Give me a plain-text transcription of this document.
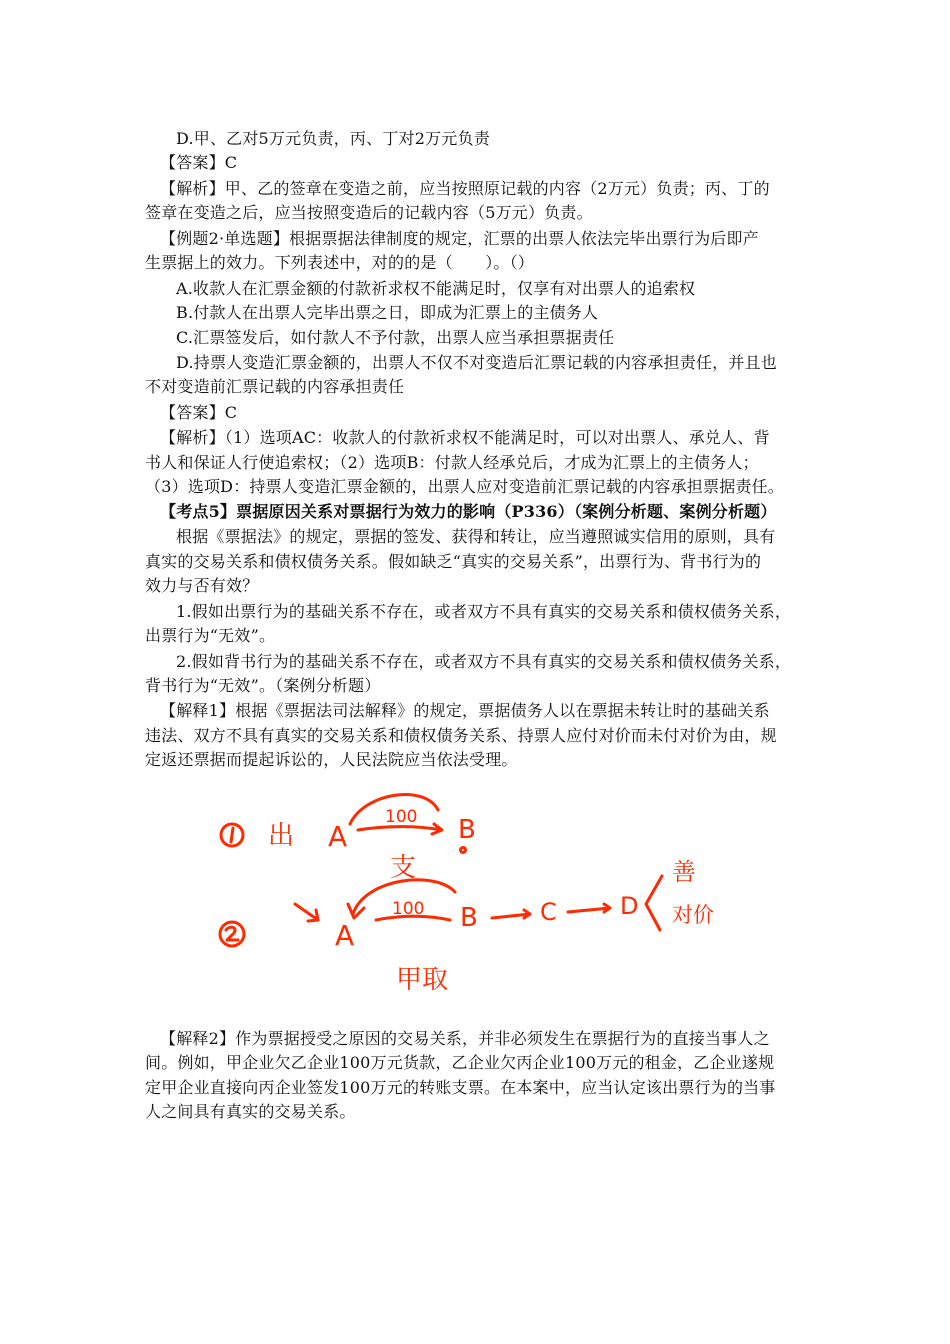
D.甲、乙对5万元负责，丙、丁对2万元负责
【答案】C
【解析】甲、乙的签章在变造之前，应当按照原记载的内容（2万元）负责；丙、丁的
签章在变造之后，应当按照变造后的记载内容（5万元）负责。
【例题2·单选题】根据票据法律制度的规定，汇票的出票人依法完毕出票行为后即产
生票据上的效力。下列表述中，对的的是（　　）。（）
A.收款人在汇票金额的付款祈求权不能满足时，仅享有对出票人的追索权
B.付款人在出票人完毕出票之日，即成为汇票上的主债务人
C.汇票签发后，如付款人不予付款，出票人应当承担票据责任
D.持票人变造汇票金额的，出票人不仅不对变造后汇票记载的内容承担责任，并且也
不对变造前汇票记载的内容承担责任
【答案】C
【解析】（1）选项AC：收款人的付款祈求权不能满足时，可以对出票人、承兑人、背
书人和保证人行使追索权；（2）选项B：付款人经承兑后，才成为汇票上的主债务人；
（3）选项D：持票人变造汇票金额的，出票人应对变造前汇票记载的内容承担票据责任。
【考点5】票据原因关系对票据行为效力的影响（P336）（案例分析题、案例分析题）
根据《票据法》的规定，票据的签发、获得和转让，应当遵照诚实信用的原则，具有
真实的交易关系和债权债务关系。假如缺乏“真实的交易关系”，出票行为、背书行为的
效力与否有效？
1.假如出票行为的基础关系不存在，或者双方不具有真实的交易关系和债权债务关系，
出票行为“无效”。
2.假如背书行为的基础关系不存在，或者双方不具有真实的交易关系和债权债务关系，
背书行为“无效”。（案例分析题）
【解释1】根据《票据法司法解释》的规定，票据债务人以在票据未转让时的基础关系
违法、双方不具有真实的交易关系和债权债务关系、持票人应付对价而未付对价为由，规
定返还票据而提起诉讼的，人民法院应当依法受理。
出 A
100 B
支
A
100 B	C	D
善
对价
甲取
【解释2】作为票据授受之原因的交易关系，并非必须发生在票据行为的直接当事人之
间。例如，甲企业欠乙企业100万元货款，乙企业欠丙企业100万元的租金，乙企业遂规
定甲企业直接向丙企业签发100万元的转账支票。在本案中，应当认定该出票行为的当事
人之间具有真实的交易关系。
